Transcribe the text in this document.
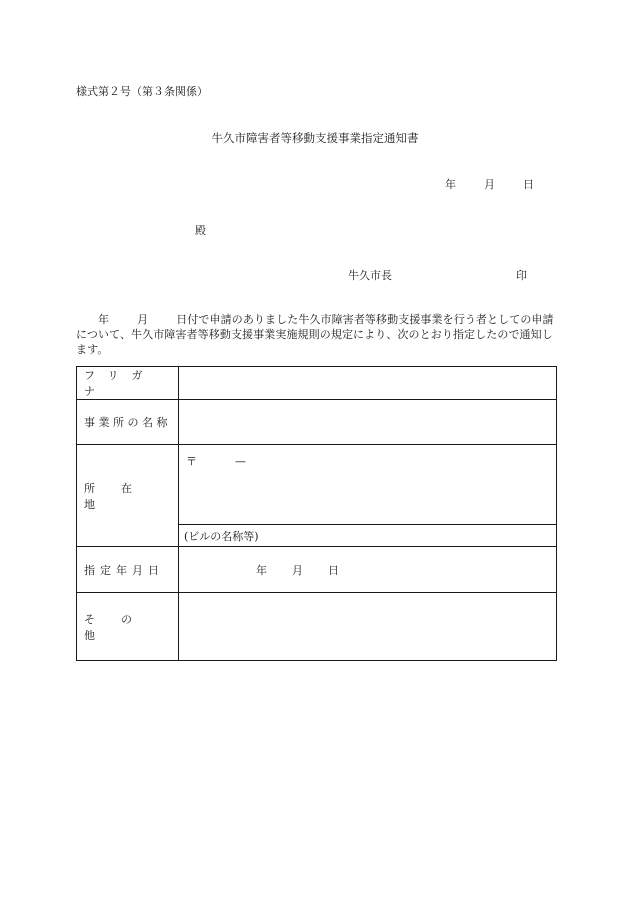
様式第２号（第３条関係）
牛久市障害者等移動支援事業指定通知書
年	月	日
殿
牛久市長	印
年	月	日付で申請のありました牛久市障害者等移動支援事業を行う者としての申請について、牛久市障害者等移動支援事業実施規則の規定により、次のとおり指定したので通知します。
フリガナ	
事業所の名称	
所在地	〒 —
	(ビルの名称等)
指定年月日	年 月 日
その他	
